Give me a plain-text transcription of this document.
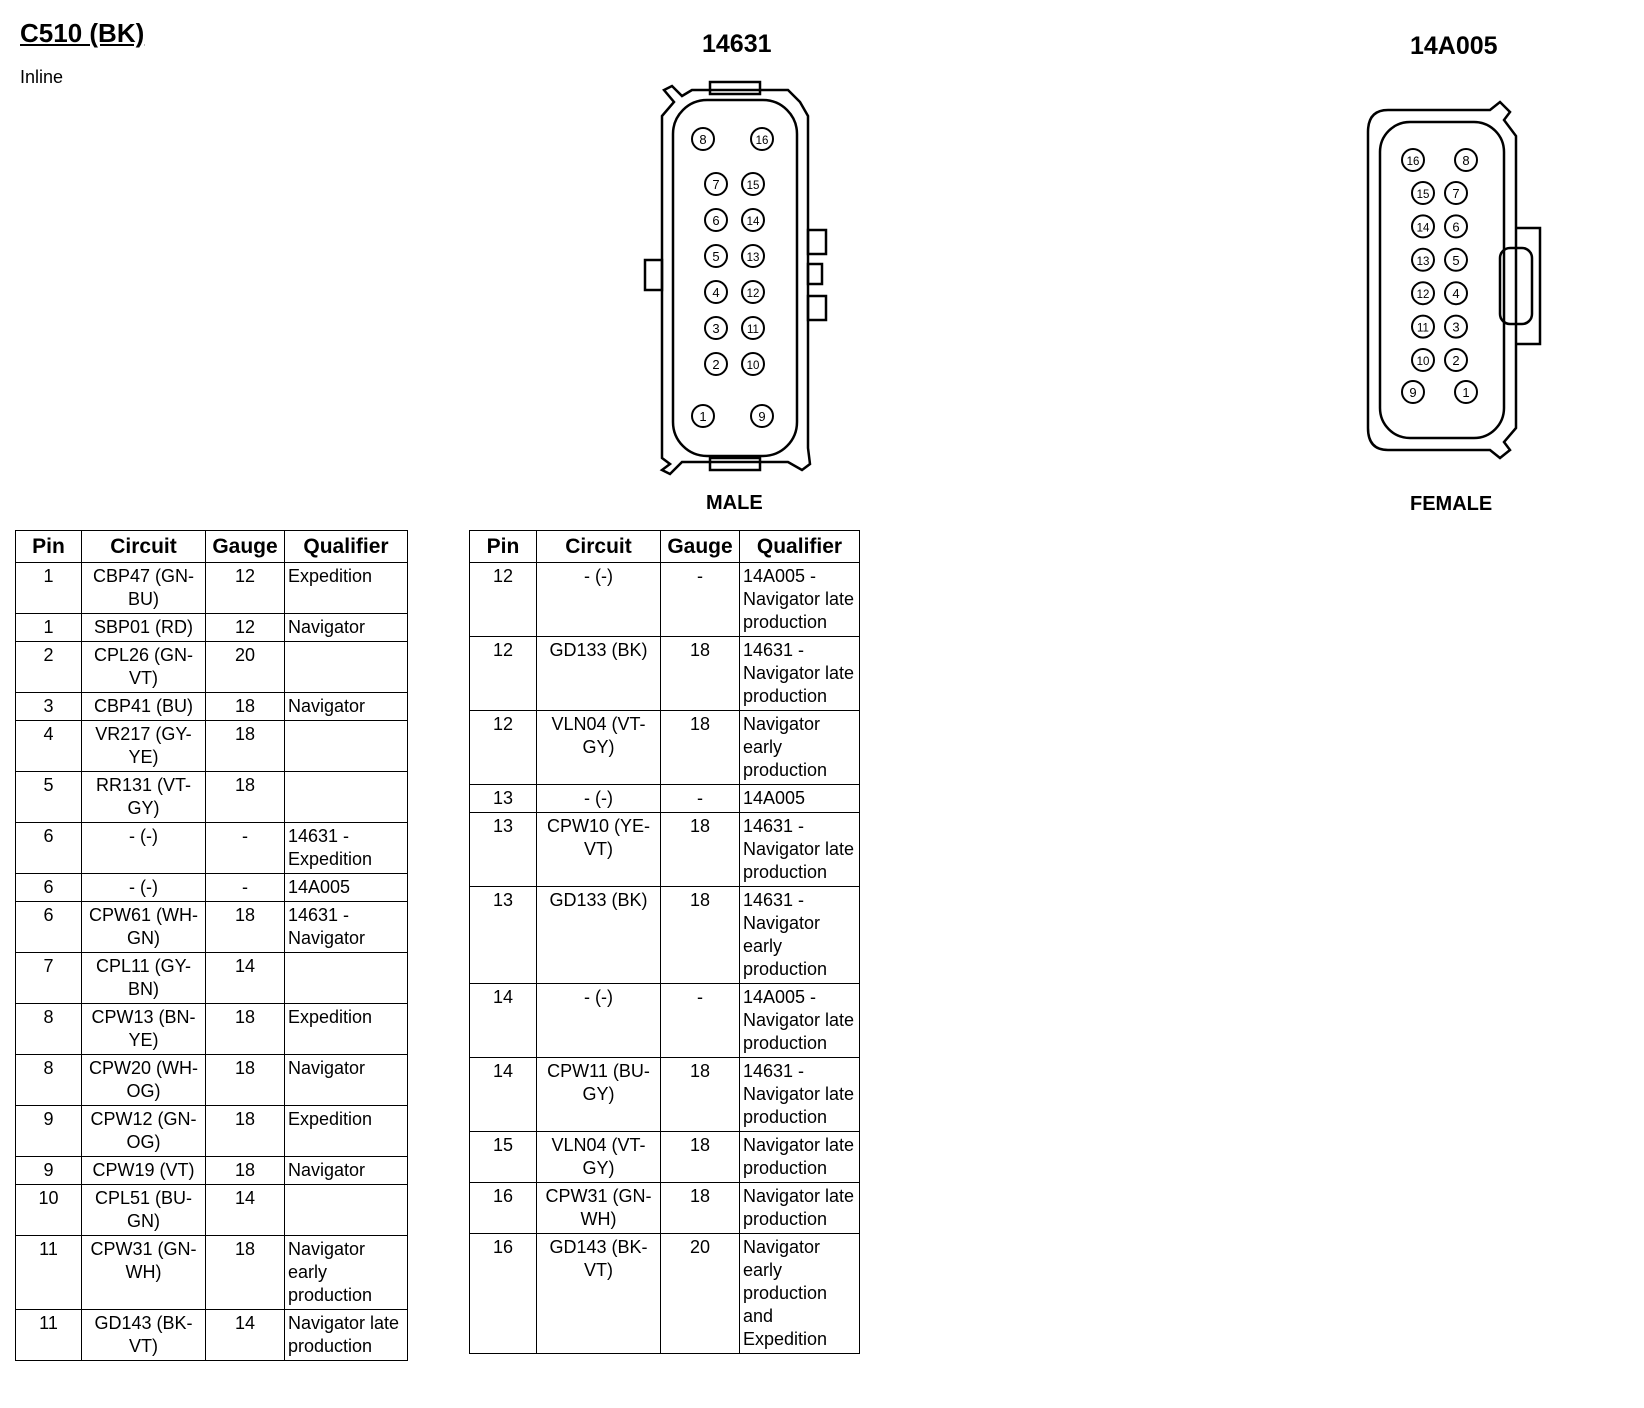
C510 (BK)
Inline
14631	14A005
8	16
7 15
6 14
5 13
4 12
3 11
2 10
1	9
16	8
15 7
14 6
13 5
12 4
11 3
10 2
9	1
MALE	FEMALE
Pin	Circuit	Gauge	Qualifier
1	CBP47 (GN-BU)	12	Expedition
1	SBP01 (RD)	12	Navigator
2	CPL26 (GN-VT)	20	
3	CBP41 (BU)	18	Navigator
4	VR217 (GY-YE)	18	
5	RR131 (VT-GY)	18	
6	- (-)	-	14631 - Expedition
6	- (-)	-	14A005
6	CPW61 (WH-GN)	18	14631 - Navigator
7	CPL11 (GY-BN)	14	
8	CPW13 (BN-YE)	18	Expedition
8	CPW20 (WH-OG)	18	Navigator
9	CPW12 (GN-OG)	18	Expedition
9	CPW19 (VT)	18	Navigator
10	CPL51 (BU-GN)	14	
11	CPW31 (GN-WH)	18	Navigator early production
11	GD143 (BK-VT)	14	Navigator late production
Pin	Circuit	Gauge	Qualifier
12	- (-)	-	14A005 - Navigator late production
12	GD133 (BK)	18	14631 - Navigator late production
12	VLN04 (VT-GY)	18	Navigator early production
13	- (-)	-	14A005
13	CPW10 (YE-VT)	18	14631 - Navigator late production
13	GD133 (BK)	18	14631 - Navigator early production
14	- (-)	-	14A005 - Navigator late production
14	CPW11 (BU-GY)	18	14631 - Navigator late production
15	VLN04 (VT-GY)	18	Navigator late production
16	CPW31 (GN-WH)	18	Navigator late production
16	GD143 (BK-VT)	20	Navigator early production and Expedition
